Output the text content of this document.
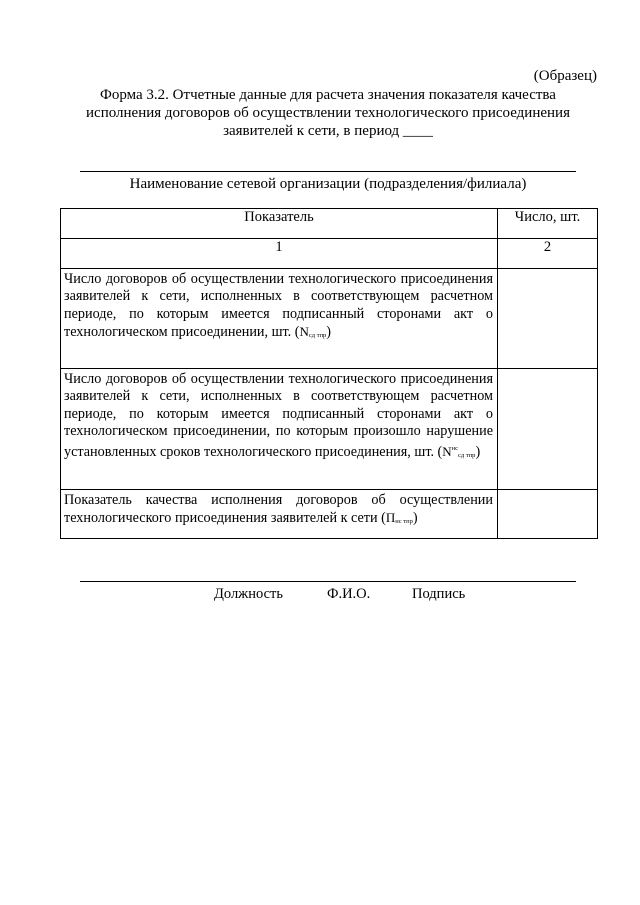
(Образец)
Форма 3.2. Отчетные данные для расчета значения показателя качества
исполнения договоров об осуществлении технологического присоединения
заявителей к сети, в период ____
Наименование сетевой организации (подразделения/филиала)
Показатель	Число, шт.
1	2

Число договоров об осуществлении технологического присоединения заявителей к сети, исполненных в соответствующем расчетном периоде, по которым имеется подписанный сторонами акт о технологическом присоединении, шт. (Nсд тпр)	

Число договоров об осуществлении технологического присоединения заявителей к сети, исполненных в соответствующем расчетном периоде, по которым имеется подписанный сторонами акт о технологическом присоединении, по которым произошло нарушение установленных сроков технологического присоединения, шт. ($N^{нс}сд$ тпр)	

Показатель качества исполнения договоров об осуществлении технологического присоединения заявителей к сети (Пнс тпр)	

Должность	Ф.И.О.	Подпись
